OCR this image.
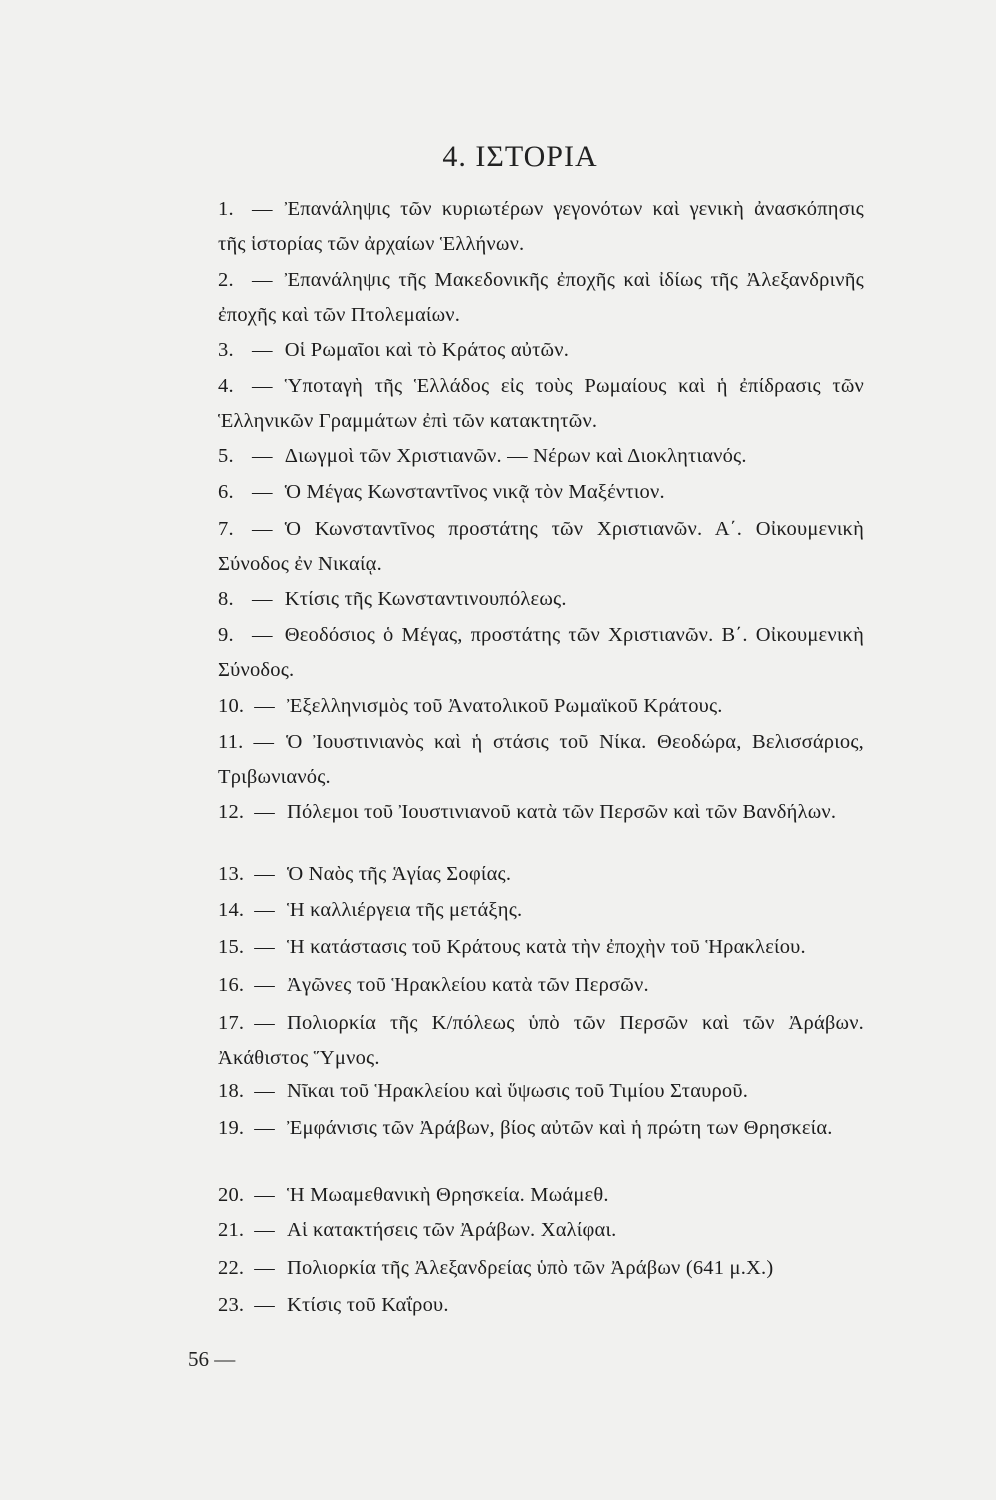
4. ΙΣΤΟΡΙΑ
1. — Ἐπανάληψις τῶν κυριωτέρων γεγονότων καὶ γενικὴ ἀνασκόπησις τῆς ἱστορίας τῶν ἀρχαίων Ἑλλήνων.
2. — Ἐπανάληψις τῆς Μακεδονικῆς ἐποχῆς καὶ ἰδίως τῆς Ἀλεξανδρινῆς ἐποχῆς καὶ τῶν Πτολεμαίων.
3. — Οἱ Ρωμαῖοι καὶ τὸ Κράτος αὐτῶν.
4. — Ὑποταγὴ τῆς Ἑλλάδος εἰς τοὺς Ρωμαίους καὶ ἡ ἐπίδρασις τῶν Ἑλληνικῶν Γραμμάτων ἐπὶ τῶν κατακτητῶν.
5. — Διωγμοὶ τῶν Χριστιανῶν. — Νέρων καὶ Διοκλητιανός.
6. — Ὁ Μέγας Κωνσταντῖνος νικᾷ τὸν Μαξέντιον.
7. — Ὁ Κωνσταντῖνος προστάτης τῶν Χριστιανῶν. Α΄. Οἰκουμενικὴ Σύνοδος ἐν Νικαίᾳ.
8. — Κτίσις τῆς Κωνσταντινουπόλεως.
9. — Θεοδόσιος ὁ Μέγας, προστάτης τῶν Χριστιανῶν. Β΄. Οἰκουμενικὴ Σύνοδος.
10. — Ἐξελληνισμὸς τοῦ Ἀνατολικοῦ Ρωμαϊκοῦ Κράτους.
11. — Ὁ Ἰουστινιανὸς καὶ ἡ στάσις τοῦ Νίκα. Θεοδώρα, Βελισσάριος, Τριβωνιανός.
12. — Πόλεμοι τοῦ Ἰουστινιανοῦ κατὰ τῶν Περσῶν καὶ τῶν Βανδήλων.
13. — Ὁ Ναὸς τῆς Ἁγίας Σοφίας.
14. — Ἡ καλλιέργεια τῆς μετάξης.
15. — Ἡ κατάστασις τοῦ Κράτους κατὰ τὴν ἐποχὴν τοῦ Ἡρακλείου.
16. — Ἀγῶνες τοῦ Ἡρακλείου κατὰ τῶν Περσῶν.
17. — Πολιορκία τῆς Κ/πόλεως ὑπὸ τῶν Περσῶν καὶ τῶν Ἀράβων. Ἀκάθιστος Ὕμνος.
18. — Νῖκαι τοῦ Ἡρακλείου καὶ ὕψωσις τοῦ Τιμίου Σταυροῦ.
19. — Ἐμφάνισις τῶν Ἀράβων, βίος αὐτῶν καὶ ἡ πρώτη των Θρησκεία.
20. — Ἡ Μωαμεθανικὴ Θρησκεία. Μωάμεθ.
21. — Αἱ κατακτήσεις τῶν Ἀράβων. Χαλίφαι.
22. — Πολιορκία τῆς Ἀλεξανδρείας ὑπὸ τῶν Ἀράβων (641 μ.Χ.)
23. — Κτίσις τοῦ Καΐρου.
56 —
